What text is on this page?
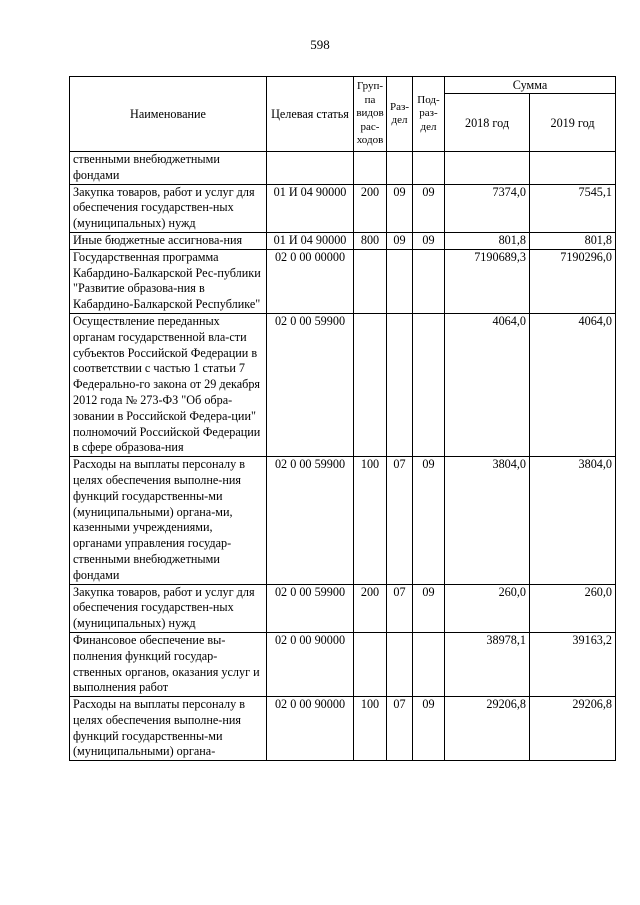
598
Наименование	Целевая статья	Груп-па видов рас-ходов	Раз-дел	Под-раз-дел	Сумма	
					2018 год	2019 год
ственными внебюджетными фондами						
Закупка товаров, работ и услуг для обеспечения государствен-ных (муниципальных) нужд	01 И 04 90000	200	09	09	7374,0	7545,1
Иные бюджетные ассигнова-ния	01 И 04 90000	800	09	09	801,8	801,8
Государственная программа Кабардино-Балкарской Рес-публики "Развитие образова-ния в Кабардино-Балкарской Республике"	02 0 00 00000				7190689,3	7190296,0
Осуществление переданных органам государственной вла-сти субъектов Российской Федерации в соответствии с частью 1 статьи 7 Федерально-го закона от 29 декабря 2012 года № 273-ФЗ "Об обра-зовании в Российской Федера-ции" полномочий Российской Федерации в сфере образова-ния	02 0 00 59900				4064,0	4064,0
Расходы на выплаты персоналу в целях обеспечения выполне-ния функций государственны-ми (муниципальными) органа-ми, казенными учреждениями, органами управления государ-ственными внебюджетными фондами	02 0 00 59900	100	07	09	3804,0	3804,0
Закупка товаров, работ и услуг для обеспечения государствен-ных (муниципальных) нужд	02 0 00 59900	200	07	09	260,0	260,0
Финансовое обеспечение вы-полнения функций государ-ственных органов, оказания услуг и выполнения работ	02 0 00 90000				38978,1	39163,2
Расходы на выплаты персоналу в целях обеспечения выполне-ния функций государственны-ми (муниципальными) органа-	02 0 00 90000	100	07	09	29206,8	29206,8
